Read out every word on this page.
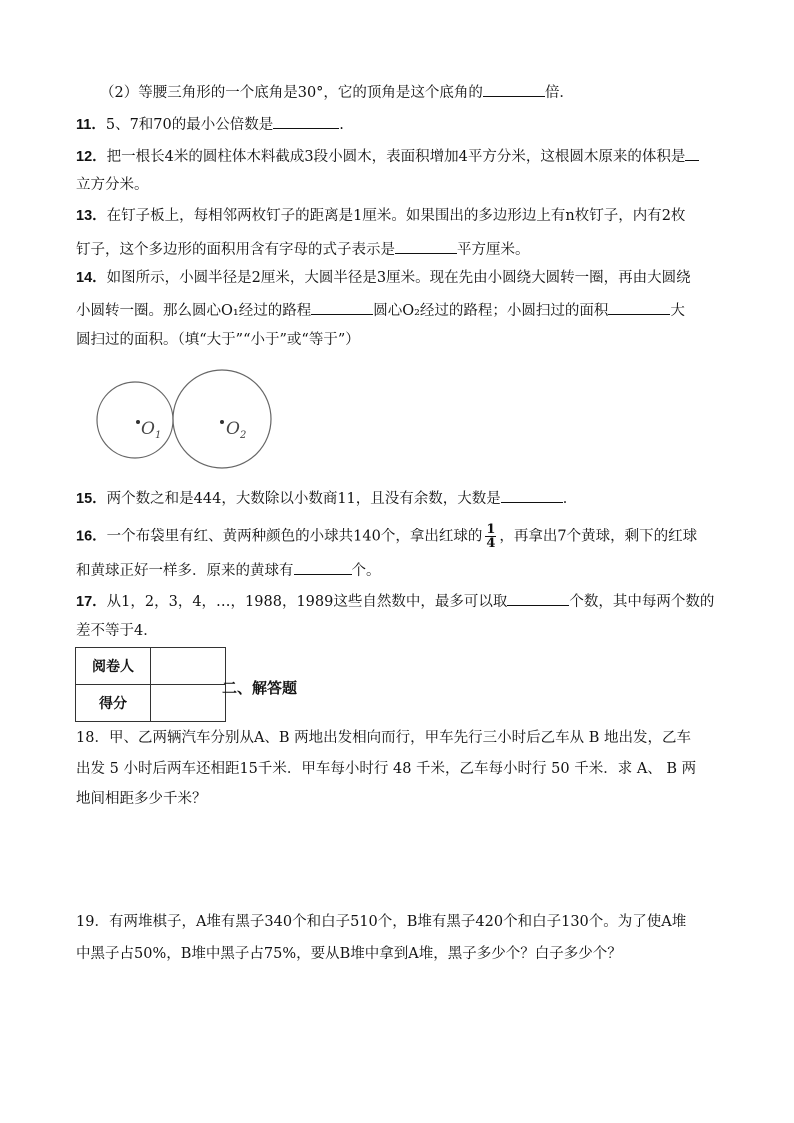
（2）等腰三角形的一个底角是30°，它的顶角是这个底角的	倍．
11．5、7和70的最小公倍数是	.
12．把一根长4米的圆柱体木料截成3段小圆木，表面积增加4平方分米，这根圆木原来的体积是
立方分米。
13．在钉子板上，每相邻两枚钉子的距离是1厘米。如果围出的多边形边上有n枚钉子，内有2枚
钉子，这个多边形的面积用含有字母的式子表示是	平方厘米。
14．如图所示，小圆半径是2厘米，大圆半径是3厘米。现在先由小圆绕大圆转一圈，再由大圆绕
小圆转一圈。那么圆心O₁经过的路程	圆心O₂经过的路程；小圆扫过的面积	大
圆扫过的面积。（填“大于”“小于”或“等于”）
$O_1$	$O_2$
15．两个数之和是444，大数除以小数商11，且没有余数，大数是	．
16．一个布袋里有红、黄两种颜色的小球共140个，拿出红球的 $\frac{1}{4}$ ，再拿出7个黄球，剩下的红球
和黄球正好一样多．原来的黄球有	个。
17．从1，2，3，4，…，1988，1989这些自然数中，最多可以取	个数，其中每两个数的
差不等于4．
阅卷人	
得分	
二、解答题
18．甲、乙两辆汽车分别从A、B 两地出发相向而行，甲车先行三小时后乙车从 B 地出发，乙车
出发 5 小时后两车还相距15千米．甲车每小时行 48 千米，乙车每小时行 50 千米．求 A、 B 两
地间相距多少千米？
19．有两堆棋子，A堆有黑子340个和白子510个，B堆有黑子420个和白子130个。为了使A堆
中黑子占50%，B堆中黑子占75%，要从B堆中拿到A堆，黑子多少个？白子多少个？
